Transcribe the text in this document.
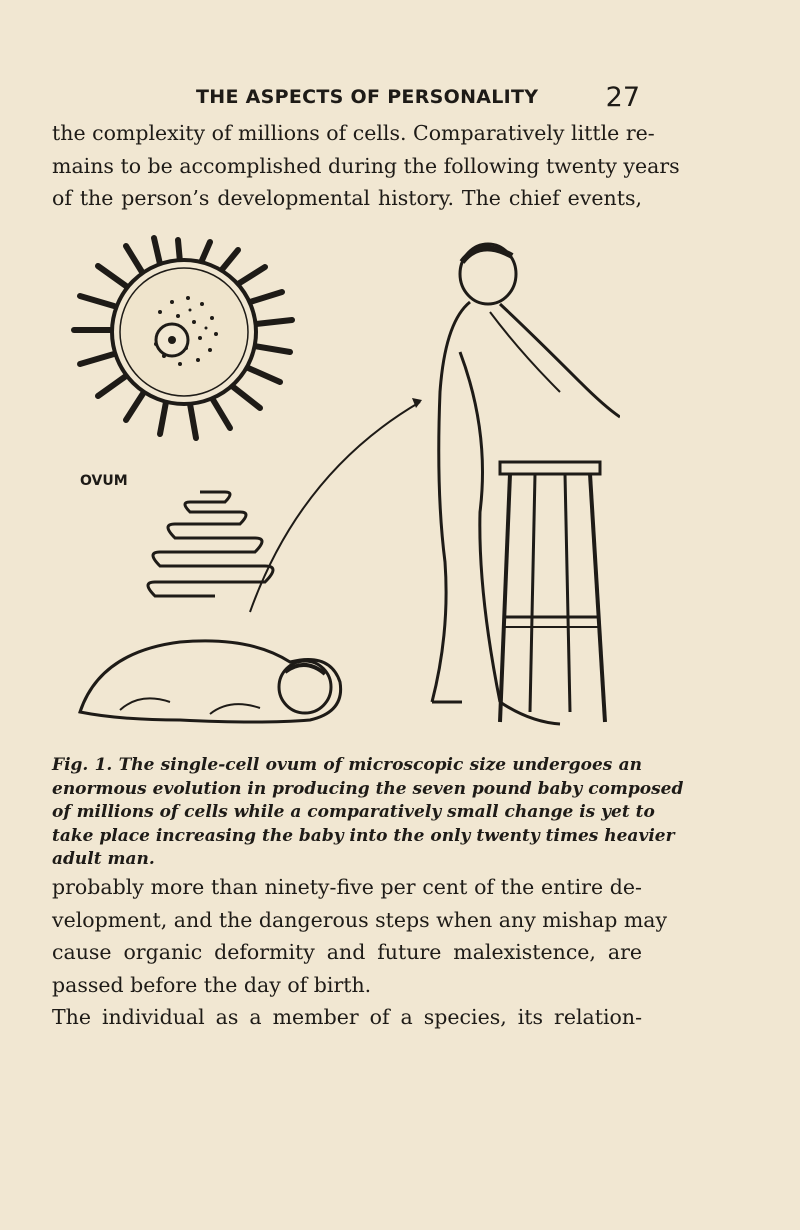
THE ASPECTS OF PERSONALITY 27
the complexity of millions of cells. Comparatively little re-
mains to be accomplished during the following twenty years
of the person’s developmental history. The chief events,
OVUM
Fig. 1. The single-cell ovum of microscopic size undergoes an
enormous evolution in producing the seven pound baby composed
of millions of cells while a comparatively small change is yet to
take place increasing the baby into the only twenty times heavier
adult man.
probably more than ninety-five per cent of the entire de-
velopment, and the dangerous steps when any mishap may
cause organic deformity and future malexistence, are
passed before the day of birth.
The individual as a member of a species, its relation-
